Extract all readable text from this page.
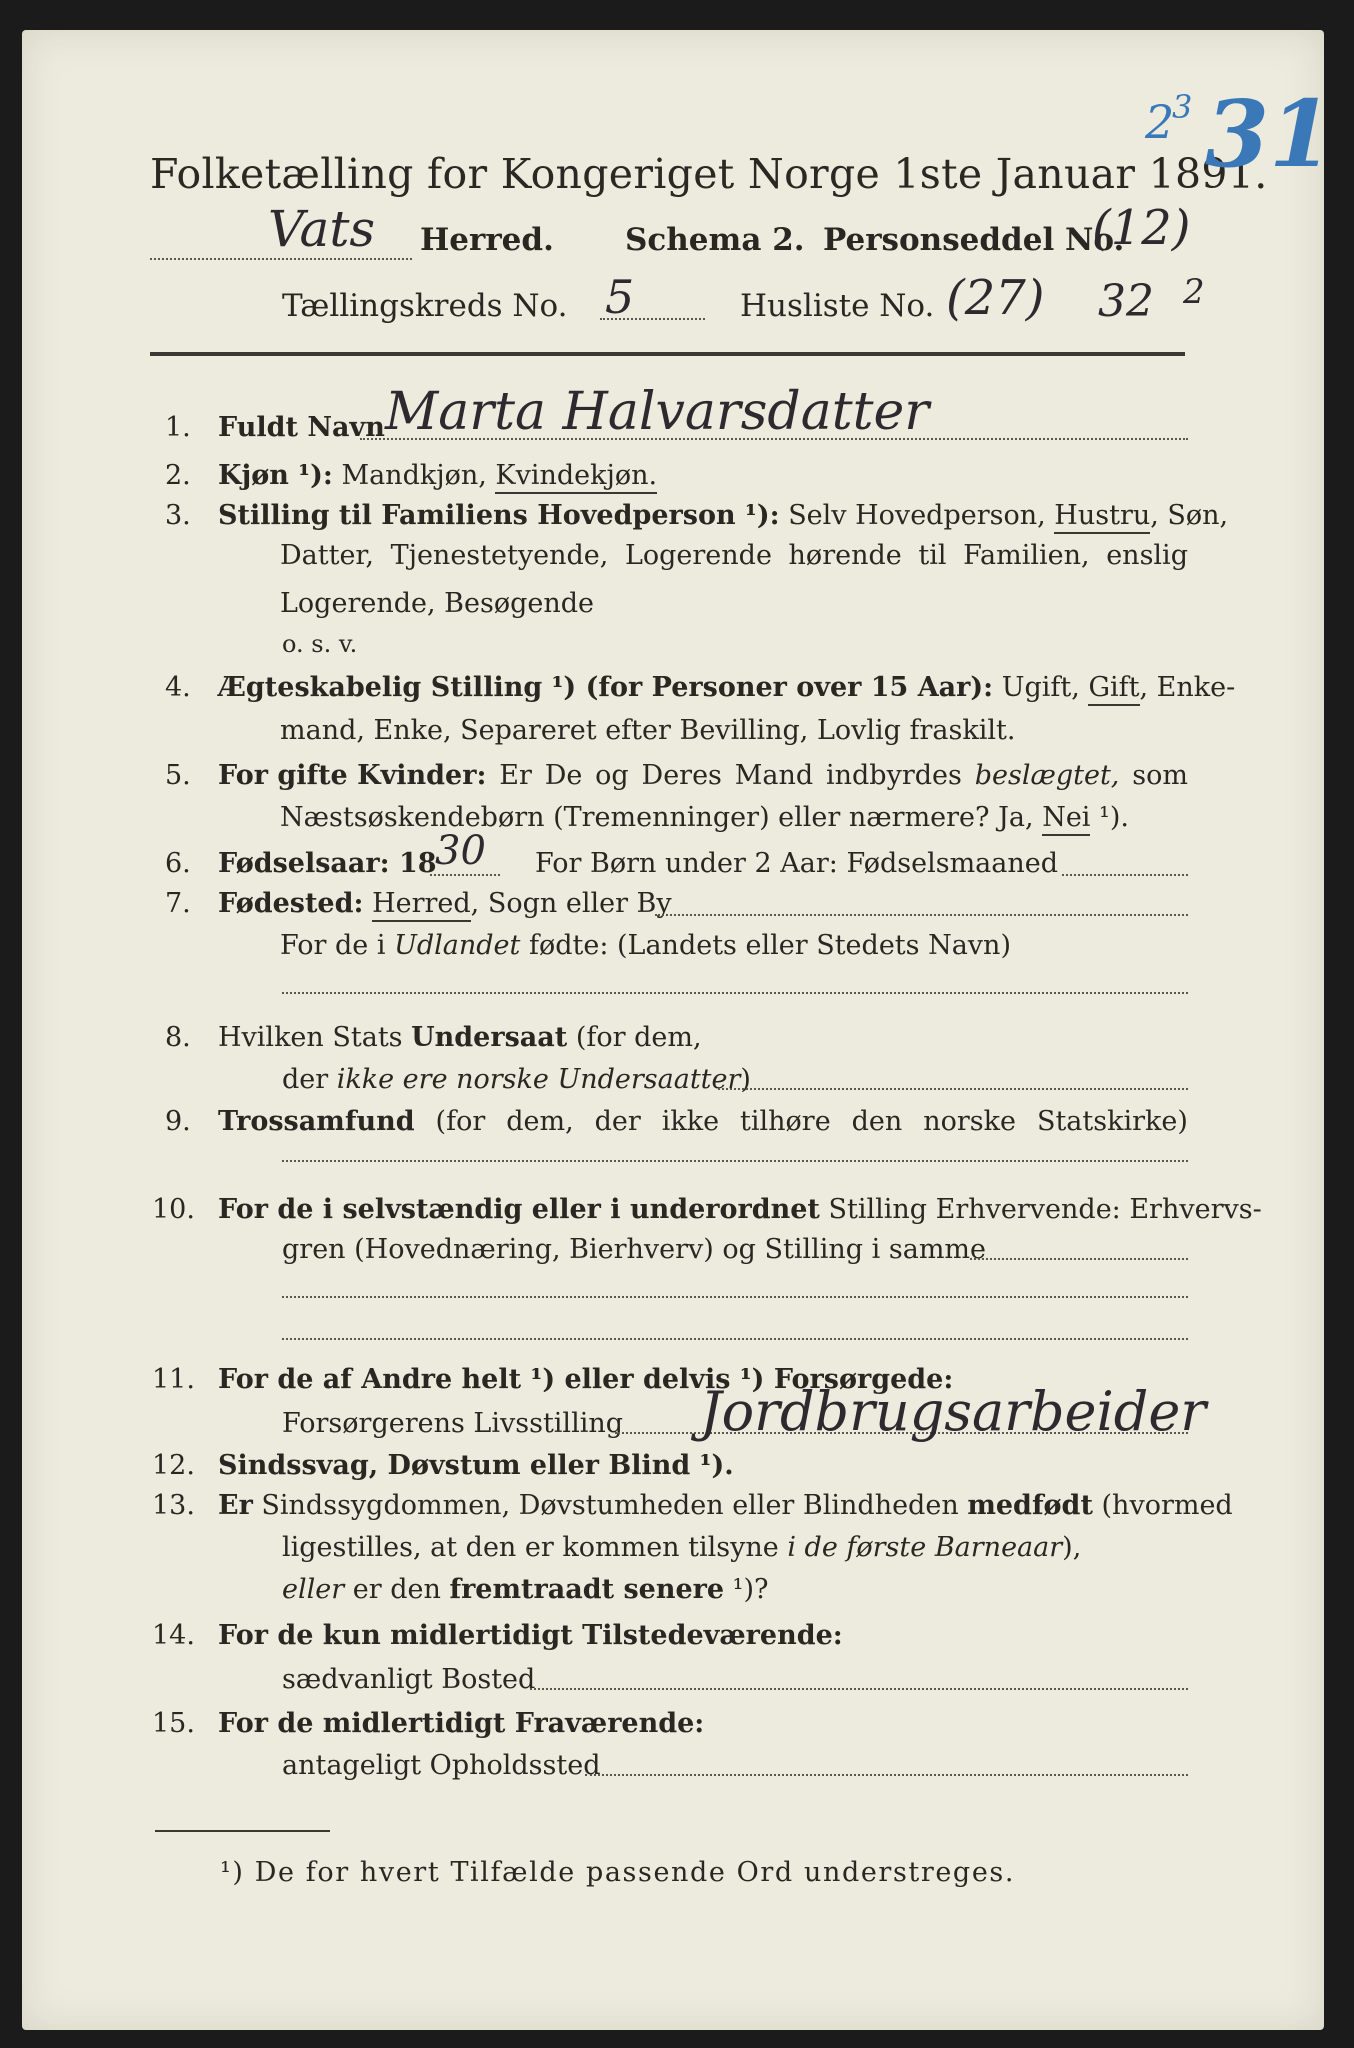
Folketælling for Kongeriget Norge 1ste Januar 1891.
2
3 31
Vats Herred. Schema 2. Personseddel No.
(12)
Tællingskreds No. 5	Husliste No. (27) 32 2
1. Fuldt Navn Marta Halvarsdatter
2. Kjøn ¹): Mandkjøn, Kvindekjøn.
3. Stilling til Familiens Hovedperson ¹): Selv Hovedperson, Hustru, Søn,
Datter, Tjenestetyende, Logerende hørende til Familien, enslig
Logerende, Besøgende
o. s. v.
4. Ægteskabelig Stilling ¹) (for Personer over 15 Aar): Ugift, Gift, Enke-
mand, Enke, Separeret efter Bevilling, Lovlig fraskilt.
5. For gifte Kvinder: Er De og Deres Mand indbyrdes beslægtet, som
Næstsøskendebørn (Tremenninger) eller nærmere? Ja, Nei ¹).
6. Fødselsaar: 18
30 For Børn under 2 Aar: Fødselsmaaned
7. Fødested: Herred, Sogn eller By
For de i Udlandet fødte: (Landets eller Stedets Navn)
8. Hvilken Stats Undersaat (for dem,
der ikke ere norske Undersaatter)
9. Trossamfund (for dem, der ikke tilhøre den norske Statskirke)
10. For de i selvstændig eller i underordnet Stilling Erhvervende: Erhvervs-
gren (Hovednæring, Bierhverv) og Stilling i samme
11. For de af Andre helt ¹) eller delvis ¹) Forsørgede:
Forsørgerens Livsstilling Jordbrugsarbeider
12. Sindssvag, Døvstum eller Blind ¹).
13. Er Sindssygdommen, Døvstumheden eller Blindheden medfødt (hvormed
ligestilles, at den er kommen tilsyne i de første Barneaar),
eller er den fremtraadt senere ¹)?
14. For de kun midlertidigt Tilstedeværende:
sædvanligt Bosted
15. For de midlertidigt Fraværende:
antageligt Opholdssted
¹) De for hvert Tilfælde passende Ord understreges.
